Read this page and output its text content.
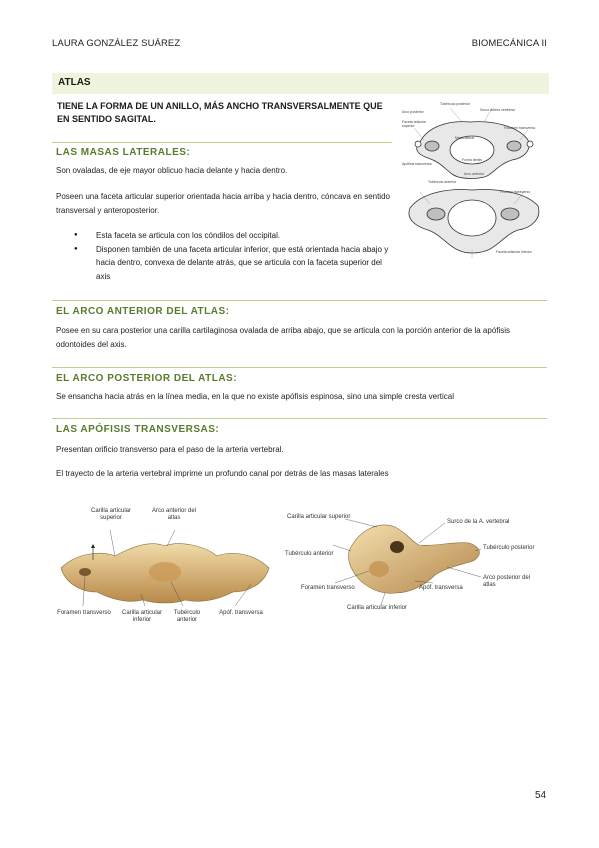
LAURA GONZÁLEZ SUÁREZ	BIOMECÁNICA II
ATLAS
TIENE LA FORMA DE UN ANILLO, MÁS ANCHO TRANSVERSALMENTE QUE EN SENTIDO SAGITAL.
Tubérculo posterior
Surco arteria vertebral
Arco posterior
Faceta articular superior	Foramen transverso
Masa lateral
Apófisis transversa
Fovea dentis
Arco anterior
Tubérculo anterior
Faceta articular inferior
Proceso transverso
LAS MASAS LATERALES:
Son ovaladas, de eje mayor oblicuo hacia delante y hacia dentro.
Poseen una faceta articular superior orientada hacia arriba y hacia dentro, cóncava en sentido transversal y anteroposterior.
● Esta faceta se articula con los cóndilos del occipital.
● Disponen también de una faceta articular inferior, que está orientada hacia abajo y hacia dentro, convexa de delante atrás, que se articula con la faceta superior del axis
EL ARCO ANTERIOR DEL ATLAS:
Posee en su cara posterior una carilla cartilaginosa ovalada de arriba abajo, que se articula con la porción anterior de la apófisis odontoides del axis.
EL ARCO POSTERIOR DEL ATLAS:
Se ensancha hacia atrás en la línea media, en la que no existe apófisis espinosa, sino una simple cresta vertical
LAS APÓFISIS TRANSVERSAS:
Presentan orificio transverso para el paso de la arteria vertebral.
El trayecto de la arteria vertebral imprime un profundo canal por detrás de las masas laterales
Carilla articular superior
Arco anterior del atlas
Foramen transverso	Carilla articular inferior
Tubérculo anterior
Apóf. transversa
Carilla articular superior
Surco de la A. vertebral
Tubérculo anterior
Tubérculo posterior
Foramen transverso	Apóf. transversa
Arco posterior del atlas
Carilla articular inferior
54
